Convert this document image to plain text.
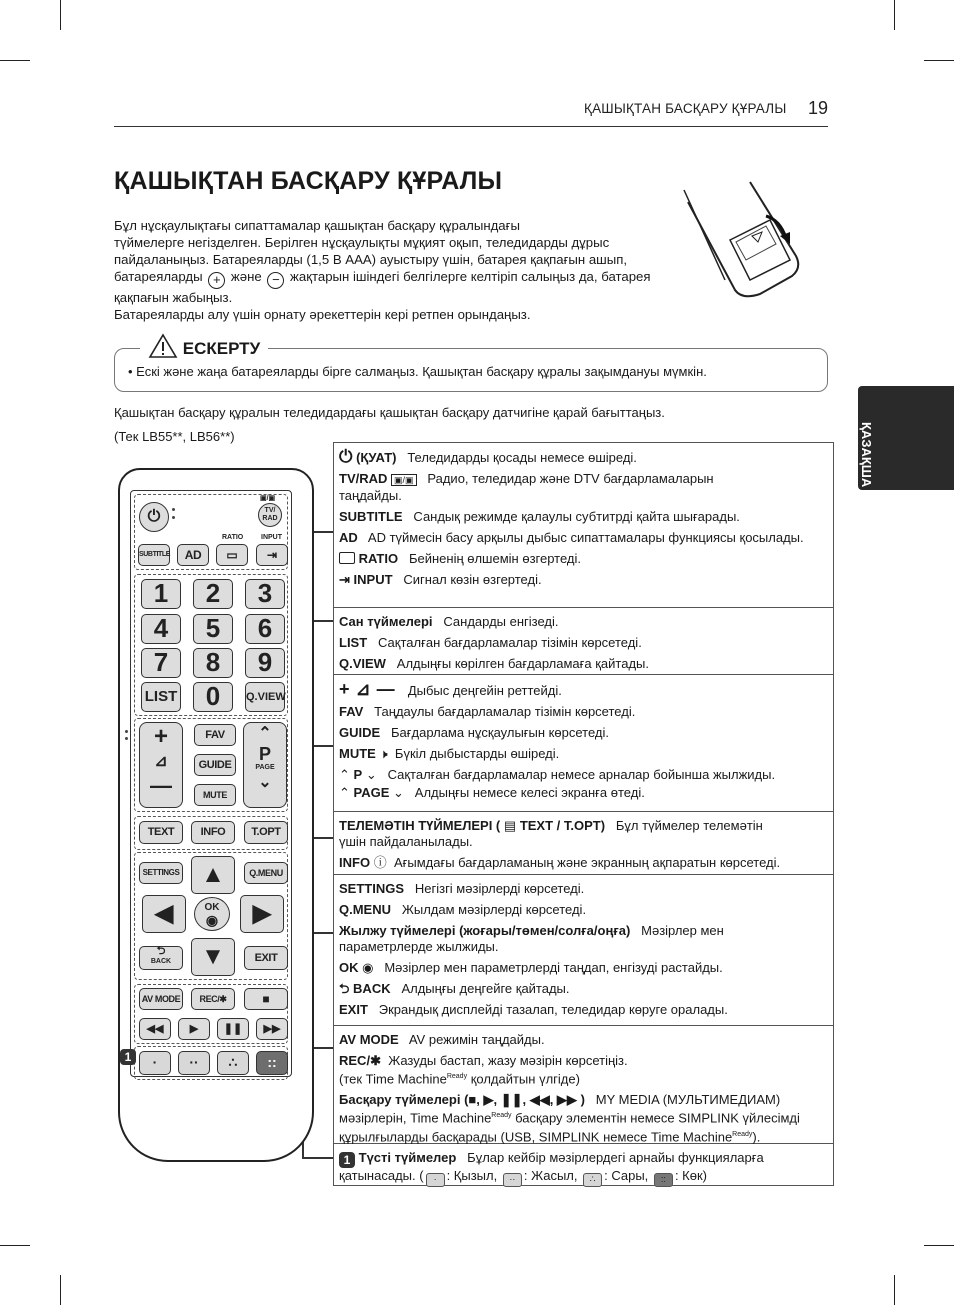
ҚАШЫҚТАН БАСҚАРУ ҚҰРАЛЫ 19
ҚАШЫҚТАН БАСҚАРУ ҚҰРАЛЫ

Бұл нұсқаулықтағы сипаттамалар қашықтан басқару құралындағы

түймелерге негізделген. Берілген нұсқаулықты мұқият оқып, теледидарды дұрыс

пайдаланыңыз. Батареяларды (1,5 В ААА) ауыстыру үшін, батарея қақпағын ашып,

батареяларды + және − жақтарын ішіндегі белгілерге келтіріп салыңыз да, батарея

қақпағын жабыңыз.

Батареяларды алу үшін орнату әрекеттерін кері ретпен орындаңыз.

ЕСКЕРТУ
• Ескі және жаңа батареяларды бірге салмаңыз. Қашықтан басқару құралы зақымдануы мүмкін.
ҚАЗАҚША
Қашықтан басқару құралын теледидардағы қашықтан басқару датчигіне қарай бағыттаңыз.
(Тек LB55**, LB56**)
⏻ (ҚУАТ) Теледидарды қосады немесе өшіреді.
TV/RAD ▣/▣ Радио, теледидар және DTV бағдарламаларын
таңдайды.
SUBTITLE Сандық режимде қалаулы субтитрді қайта шығарады.
AD AD түймесін басу арқылы дыбыс сипаттамалары функциясы қосылады.
RATIO Бейненің өлшемін өзгертеді.
⇥ INPUT Сигнал көзін өзгертеді.
Сан түймелері Сандарды енгізеді.
LIST Сақталған бағдарламалар тізімін көрсетеді.
Q.VIEW Алдыңғы көрілген бағдарламаға қайтады.
+⊿— Дыбыс деңгейін реттейді.
FAV Таңдаулы бағдарламалар тізімін көрсетеді.
GUIDE Бағдарлама нұсқаулығын көрсетеді.
MUTE 🕨 Бүкіл дыбыстарды өшіреді.
⌃ P ⌄ Сақталған бағдарламалар немесе арналар бойынша жылжиды.
⌃ PAGE ⌄ Алдыңғы немесе келесі экранға өтеді.
ТЕЛЕМӘТІН ТҮЙМЕЛЕРІ ( ▤ TEXT / T.OPT) Бұл түймелер телемәтін
үшін пайдаланылады.
INFO ⓘ Ағымдағы бағдарламаның және экранның ақпаратын көрсетеді.
SETTINGS Негізгі мәзірлерді көрсетеді.
Q.MENU Жылдам мәзірлерді көрсетеді.
Жылжу түймелері (жоғары/төмен/солға/оңға) Мәзірлер мен
параметрлерде жылжиды.
OK ◉ Мәзірлер мен параметрлерді таңдап, енгізуді растайды.
⮌ BACK Алдыңғы деңгейге қайтады.
EXIT Экрандық дисплейді тазалап, теледидар көруге оралады.
AV MODE AV режимін таңдайды.
REC/✱ Жазуды бастап, жазу мәзірін көрсетіңіз.
(тек Time Machine$^{Ready}$ қолдайтын үлгіде)
Басқару түймелері (■, ▶, ❚❚, ◀◀, ▶▶ ) MY MEDIA (МУЛЬТИМЕДИАМ)
мәзірлерін, Time Machine$^{Ready}$ басқару элементін немесе SIMPLINK үйлесімді
құрылғыларды басқарады (USB, SIMPLINK немесе Time Machine$^{Ready}$).
1 Түсті түймелер Бұлар кейбір мәзірлердегі арнайы функцияларға
қатынасады. ( · : Қызыл, ·· : Жасыл, ∴ : Сары, :: : Көк)
⏻
▣/▣
TV/
RAD
RATIO	INPUT
SUBTITLE	AD	▭	⇥
1	2	3
4	5	6
7	8	9
LIST	0	Q.VIEW
+
⊿
—
FAV
GUIDE
MUTE
⌃
P
PAGE
⌄
TEXT	INFO	T.OPT
SETTINGS	Q.MENU
▲
◀	▶
▼
OK
◉
⮌
BACK	EXIT
AV MODE	REC/✱	■
◀◀	▶	❚❚	▶▶
1	·	··	∴	::
